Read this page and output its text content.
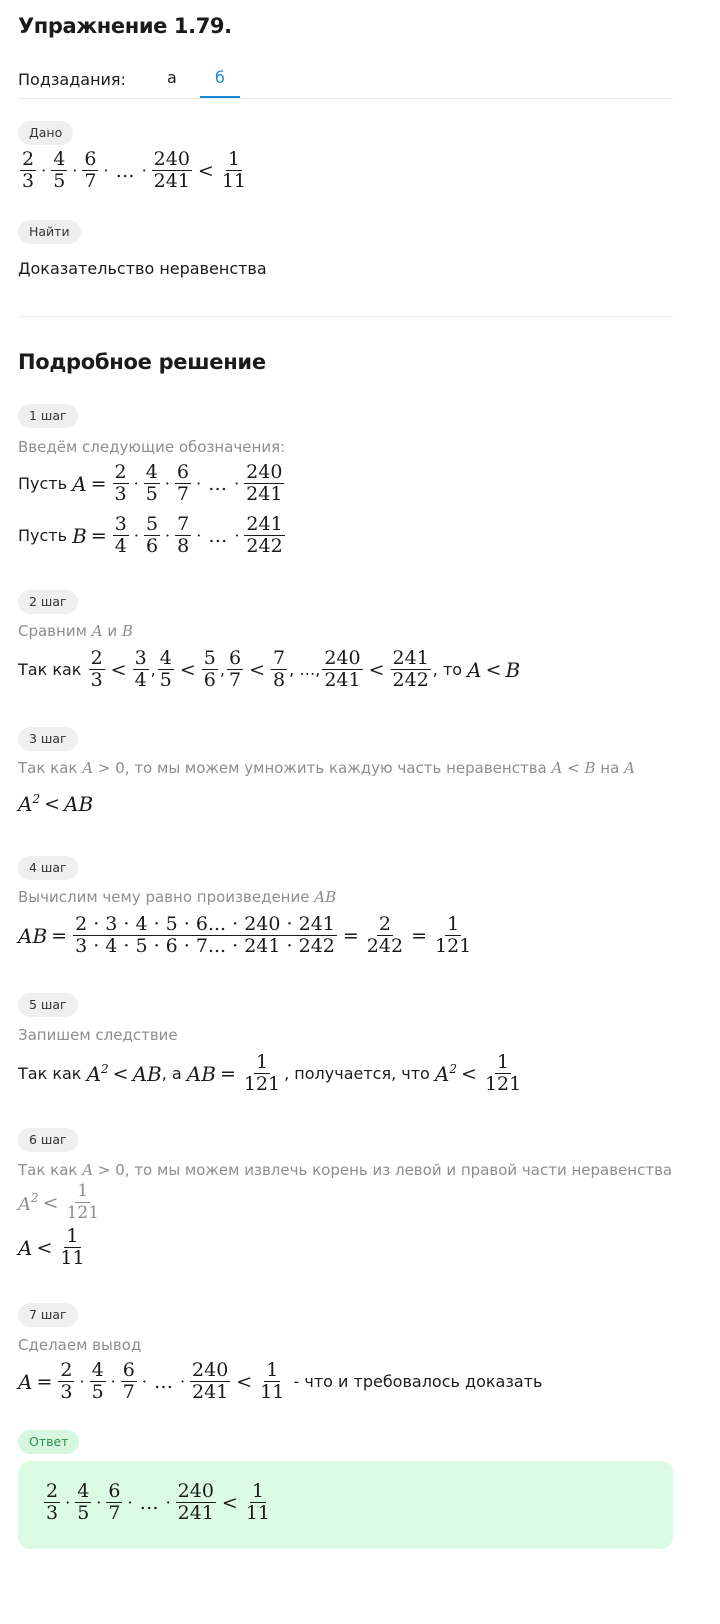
Упражнение 1.79.
Подзадания:	а	б
Дано
$\frac{2}{3} \cdot \frac{4}{5} \cdot \frac{6}{7}$ · … · $\frac{240}{241} < \frac{1}{11}$
Найти
Доказательство неравенства
Подробное решение
1 шаг
Введём следующие обозначения:
Пусть
$A = \frac{2}{3} \cdot \frac{4}{5} \cdot \frac{6}{7}$ · … · $\frac{240}{241}$
Пусть
$B = \frac{3}{4} \cdot \frac{5}{6} \cdot \frac{7}{8}$ · … · $\frac{241}{242}$
2 шаг
Сравним
A
и
B
Так как
$\frac{2}{3} < \frac{3}{4}$ , $\frac{4}{5} < \frac{5}{6}$ , $\frac{6}{7} < \frac{7}{8}$ , …, $\frac{240}{241} < \frac{241}{242}$ , то
A < B
3 шаг
Так как
A > 0 , то мы можем умножить каждую часть неравенства
A < B
на
A
$A^2$ < AB
4 шаг
Вычислим чему равно произведение
AB
AB = $\frac{2 \cdot 3 \cdot 4 \cdot 5 \cdot 6... \cdot 240 \cdot 241}{3 \cdot 4 \cdot 5 \cdot 6 \cdot 7... \cdot 241 \cdot 242} = \frac{2}{242} = \frac{1}{121}$
5 шаг
Запишем следствие
Так как
$A^2$ < AB , а
AB = $\frac{1}{121}$ , получается, что
$A^2 < \frac{1}{121}$
6 шаг
Так как
A > 0 , то мы можем извлечь корень из левой и правой части неравенства
$A^2 < \frac{1}{121}$
$A < \frac{1}{11}$
7 шаг
Сделаем вывод
$A = \frac{2}{3} \cdot \frac{4}{5} \cdot \frac{6}{7}$ · … · $\frac{240}{241} < \frac{1}{11}$
- что и требовалось доказать
Ответ
$\frac{2}{3} \cdot \frac{4}{5} \cdot \frac{6}{7}$ · … · $\frac{240}{241} < \frac{1}{11}$
